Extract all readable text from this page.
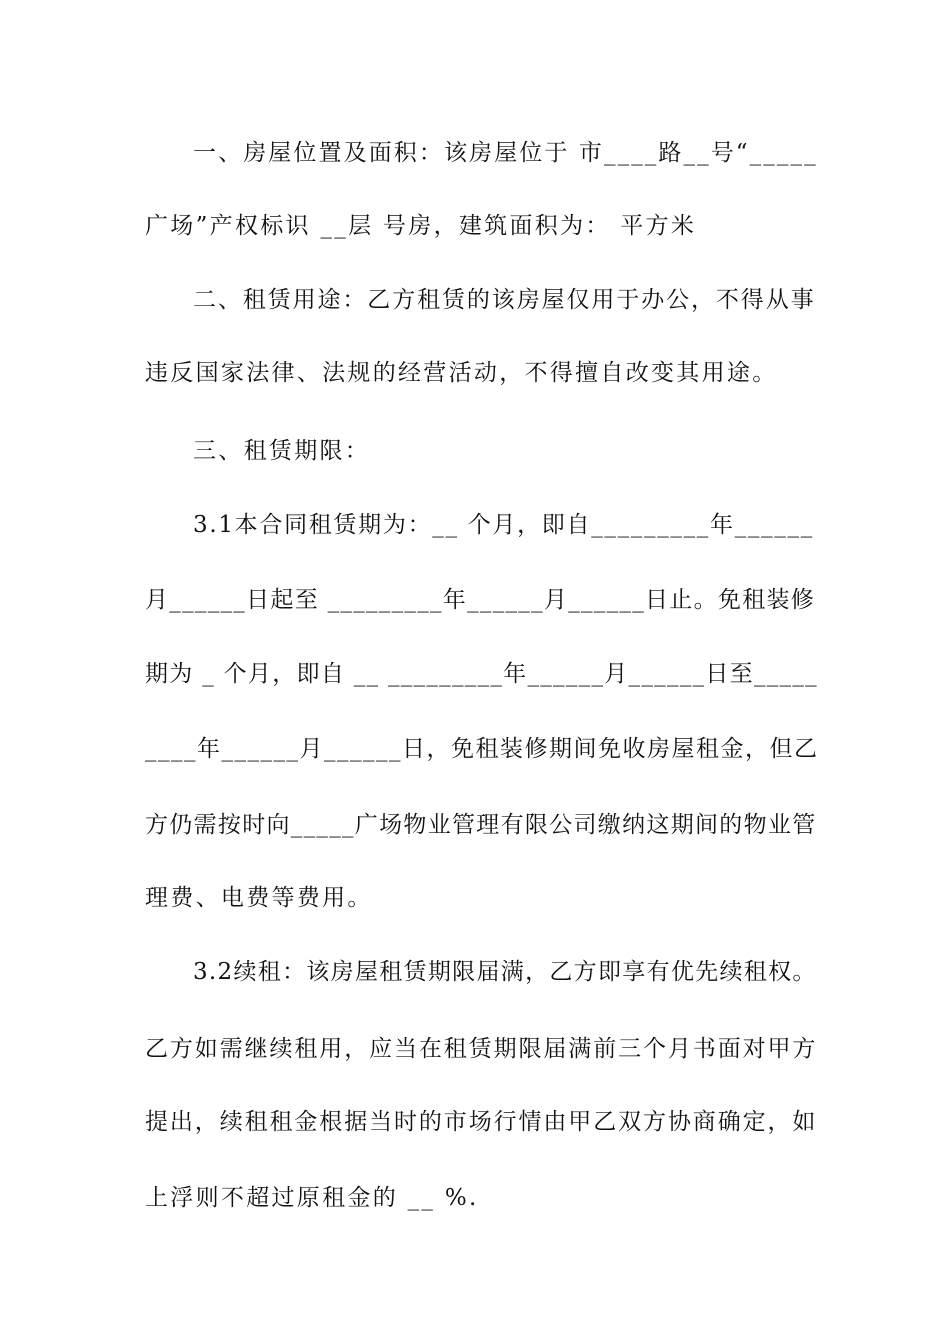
一、房屋位置及面积：该房屋位于 市____路__号“_____
广场”产权标识 __层 号房，建筑面积为： 平方米
二、租赁用途：乙方租赁的该房屋仅用于办公，不得从事
违反国家法律、法规的经营活动，不得擅自改变其用途。
三、租赁期限：
3.1本合同租赁期为：__ 个月，即自_________年______
月______日起至 _________年______月______日止。免租装修
期为 _ 个月，即自 __ _________年______月______日至_____
____年______月______日，免租装修期间免收房屋租金，但乙
方仍需按时向_____广场物业管理有限公司缴纳这期间的物业管
理费、电费等费用。
3.2续租：该房屋租赁期限届满，乙方即享有优先续租权。
乙方如需继续租用，应当在租赁期限届满前三个月书面对甲方
提出，续租租金根据当时的市场行情由甲乙双方协商确定，如
上浮则不超过原租金的 __ %.
